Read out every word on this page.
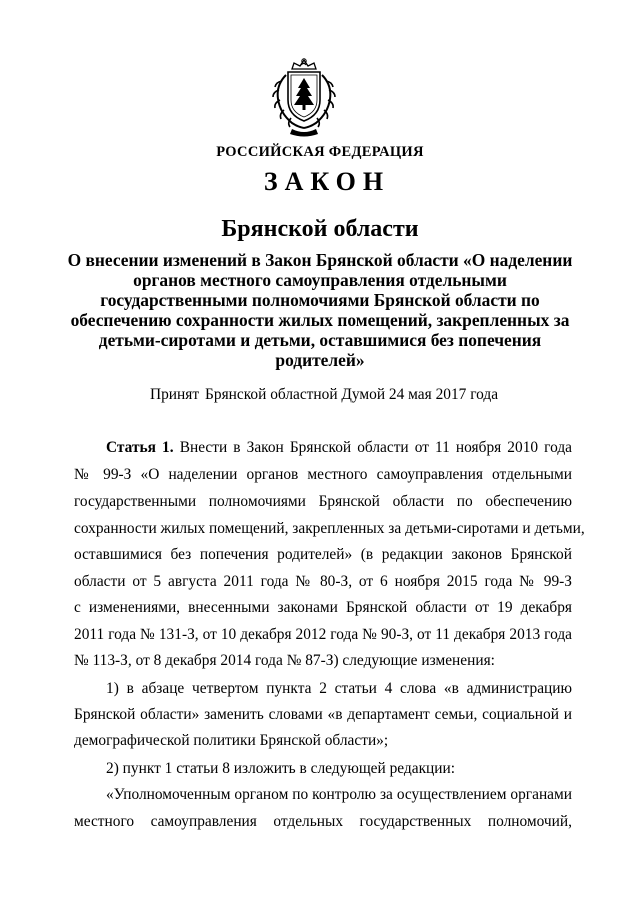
РОССИЙСКАЯ ФЕДЕРАЦИЯ
ЗАКОН
Брянской области
О внесении изменений в Закон Брянской области «О наделении
органов местного самоуправления отдельными
государственными полномочиями Брянской области по
обеспечению сохранности жилых помещений, закрепленных за
детьми-сиротами и детьми, оставшимися без попечения
родителей»
Принят Брянской областной Думой 24 мая 2017 года
Статья 1. Внести в Закон Брянской области от 11 ноября 2010 года
№ 99-З «О наделении органов местного самоуправления отдельными
государственными полномочиями Брянской области по обеспечению
сохранности жилых помещений, закрепленных за детьми-сиротами и детьми,
оставшимися без попечения родителей» (в редакции законов Брянской
области от 5 августа 2011 года № 80-З, от 6 ноября 2015 года № 99-З
с изменениями, внесенными законами Брянской области от 19 декабря
2011 года № 131-З, от 10 декабря 2012 года № 90-З, от 11 декабря 2013 года
№ 113-З, от 8 декабря 2014 года № 87-З) следующие изменения:
1) в абзаце четвертом пункта 2 статьи 4 слова «в администрацию
Брянской области» заменить словами «в департамент семьи, социальной и
демографической политики Брянской области»;
2) пункт 1 статьи 8 изложить в следующей редакции:
«Уполномоченным органом по контролю за осуществлением органами
местного самоуправления отдельных государственных полномочий,
